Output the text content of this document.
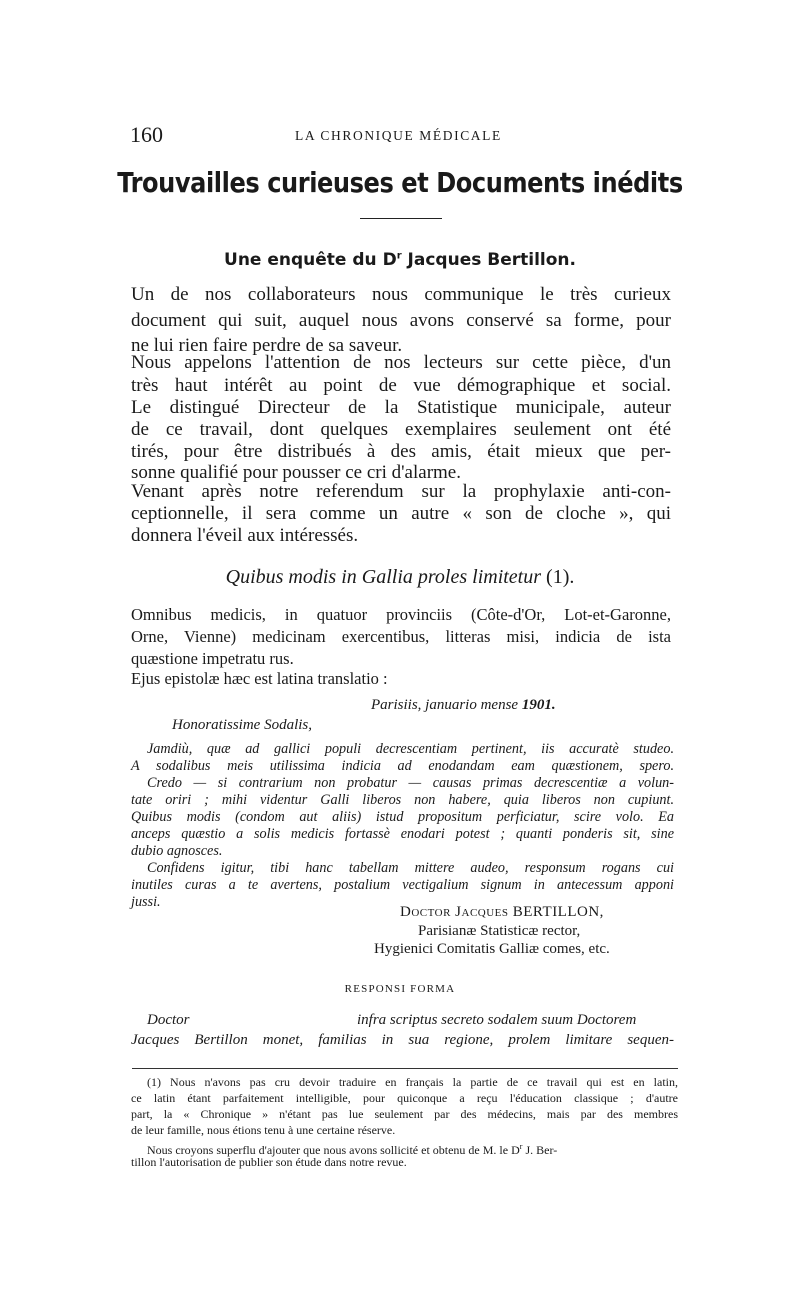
160	LA CHRONIQUE MÉDICALE
Trouvailles curieuses et Documents inédits
Une enquête du $D^r$ Jacques Bertillon.
Un de nos collaborateurs nous communique le très curieux
document qui suit, auquel nous avons conservé sa forme, pour
ne lui rien faire perdre de sa saveur.
Nous appelons l'attention de nos lecteurs sur cette pièce, d'un
très haut intérêt au point de vue démographique et social.
Le distingué Directeur de la Statistique municipale, auteur
de ce travail, dont quelques exemplaires seulement ont été
tirés, pour être distribués à des amis, était mieux que per-
sonne qualifié pour pousser ce cri d'alarme.
Venant après notre referendum sur la prophylaxie anti-con-
ceptionnelle, il sera comme un autre « son de cloche », qui
donnera l'éveil aux intéressés.
Quibus modis in Gallia proles limitetur (1).
Omnibus medicis, in quatuor provinciis (Côte-d'Or, Lot-et-Garonne,
Orne, Vienne) medicinam exercentibus, litteras misi, indicia de ista
quæstione impetratu rus.
Ejus epistolæ hæc est latina translatio :
Parisiis, januario mense 1901.
Honoratissime Sodalis,
Jamdiù, quæ ad gallici populi decrescentiam pertinent, iis accuratè studeo.
A sodalibus meis utilissima indicia ad enodandam eam quæstionem, spero.
Credo — si contrarium non probatur — causas primas decrescentiæ a volun-
tate oriri ; mihi videntur Galli liberos non habere, quia liberos non cupiunt.
Quibus modis (condom aut aliis) istud propositum perficiatur, scire volo. Ea
anceps quæstio a solis medicis fortassè enodari potest ; quanti ponderis sit, sine
dubio agnosces.
Confidens igitur, tibi hanc tabellam mittere audeo, responsum rogans cui
inutiles curas a te avertens, postalium vectigalium signum in antecessum apponi
jussi.
Doctor Jacques BERTILLON,
Parisianæ Statisticæ rector,
Hygienici Comitatis Galliæ comes, etc.
RESPONSI FORMA
Doctor	infra scriptus secreto sodalem suum Doctorem
Jacques Bertillon monet, familias in sua regione, prolem limitare sequen-
(1) Nous n'avons pas cru devoir traduire en français la partie de ce travail qui est en latin,
ce latin étant parfaitement intelligible, pour quiconque a reçu l'éducation classique ; d'autre
part, la « Chronique » n'étant pas lue seulement par des médecins, mais par des membres
de leur famille, nous étions tenu à une certaine réserve.
Nous croyons superflu d'ajouter que nous avons sollicité et obtenu de M. le $D^r$ J. Ber-
tillon l'autorisation de publier son étude dans notre revue.
